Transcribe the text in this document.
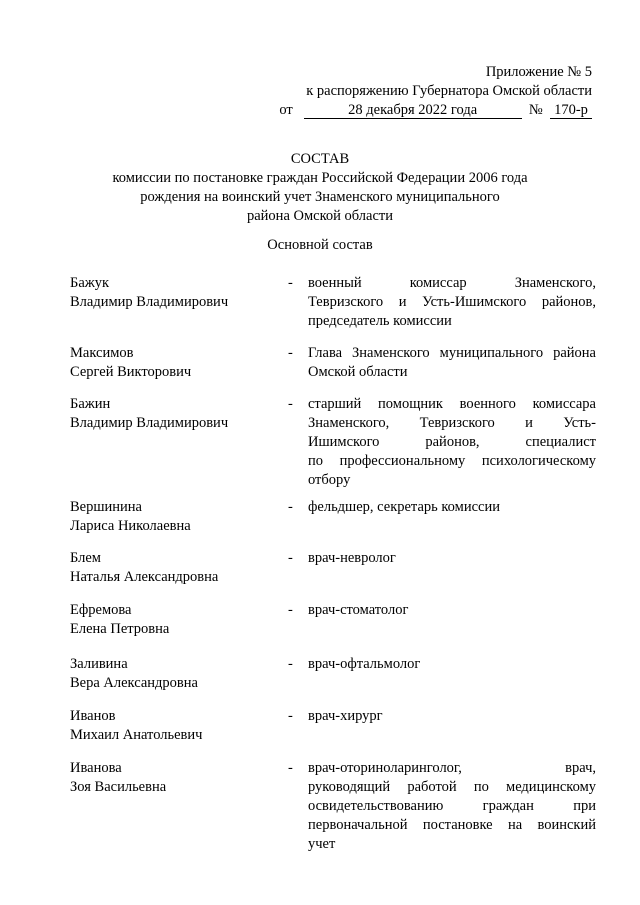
Приложение № 5
к распоряжению Губернатора Омской области
от	28 декабря 2022 года	№ 170-р
СОСТАВ
комиссии по постановке граждан Российской Федерации 2006 года
рождения на воинский учет Знаменского муниципального
района Омской области
Основной состав
Бажук
Владимир Владимирович
- военный комиссар Знаменского,
Тевризского и Усть-Ишимского районов,
председатель комиссии
Максимов
Сергей Викторович
- Глава Знаменского муниципального района
Омской области
Бажин
Владимир Владимирович
- старший помощник военного комиссара
Знаменского, Тевризского и Усть-
Ишимского районов, специалист
по профессиональному психологическому
отбору
Вершинина
Лариса Николаевна
- фельдшер, секретарь комиссии
Блем
Наталья Александровна
- врач-невролог
Ефремова
Елена Петровна
- врач-стоматолог
Заливина
Вера Александровна
- врач-офтальмолог
Иванов
Михаил Анатольевич
- врач-хирург
Иванова
Зоя Васильевна
- врач-оториноларинголог, врач,
руководящий работой по медицинскому
освидетельствованию граждан при
первоначальной постановке на воинский
учет
